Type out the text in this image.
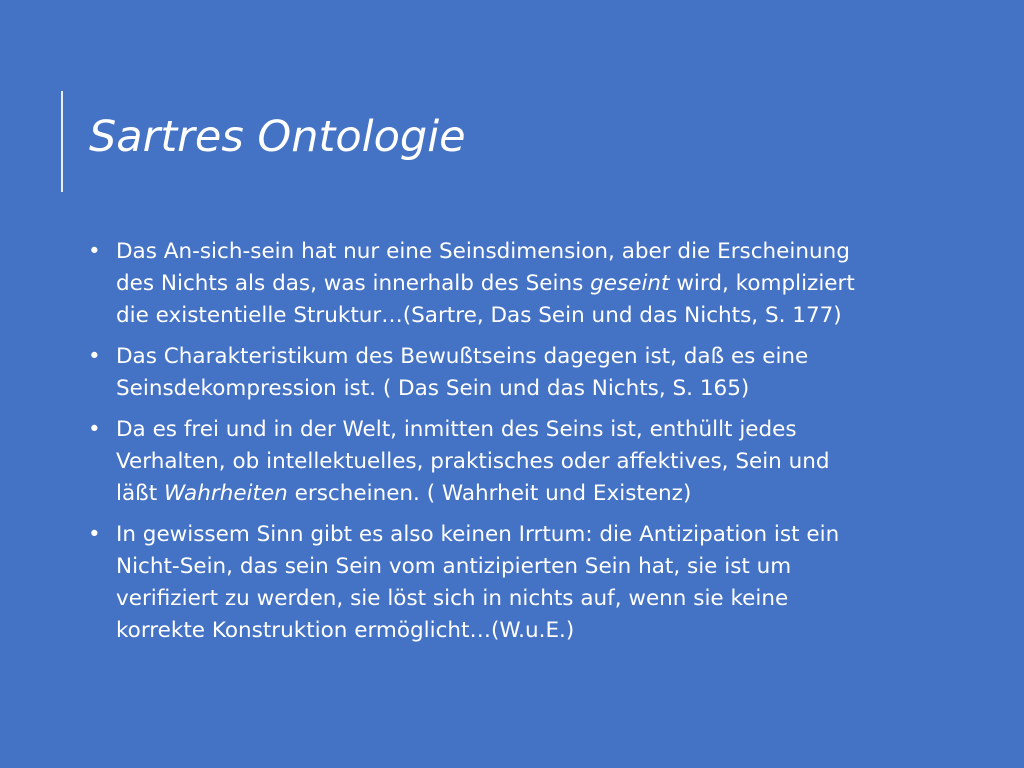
Sartres Ontologie
• Das An-sich-sein hat nur eine Seinsdimension, aber die Erscheinung
des Nichts als das, was innerhalb des Seins geseint wird, kompliziert
die existentielle Struktur…(Sartre, Das Sein und das Nichts, S. 177)
• Das Charakteristikum des Bewußtseins dagegen ist, daß es eine
Seinsdekompression ist. ( Das Sein und das Nichts, S. 165)
• Da es frei und in der Welt, inmitten des Seins ist, enthüllt jedes
Verhalten, ob intellektuelles, praktisches oder affektives, Sein und
läßt Wahrheiten erscheinen. ( Wahrheit und Existenz)
• In gewissem Sinn gibt es also keinen Irrtum: die Antizipation ist ein
Nicht-Sein, das sein Sein vom antizipierten Sein hat, sie ist um
verifiziert zu werden, sie löst sich in nichts auf, wenn sie keine
korrekte Konstruktion ermöglicht…(W.u.E.)
